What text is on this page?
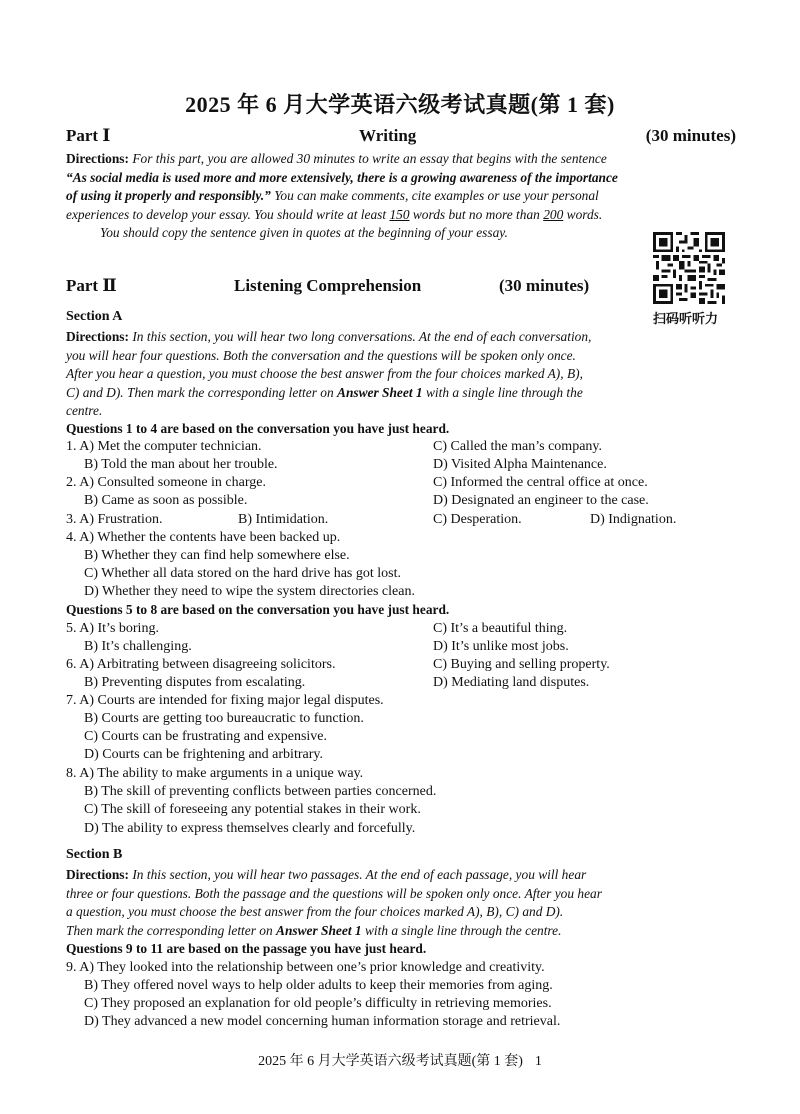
2025 年 6 月大学英语六级考试真题(第 1 套)
Part Ⅰ	Writing	(30 minutes)
Directions: For this part, you are allowed 30 minutes to write an essay that begins with the sentence
“As social media is used more and more extensively, there is a growing awareness of the importance
of using it properly and responsibly.” You can make comments, cite examples or use your personal
experiences to develop your essay. You should write at least 150 words but no more than 200 words.
You should copy the sentence given in quotes at the beginning of your essay.
扫码听听力
Part Ⅱ	Listening Comprehension	(30 minutes)
Section A
Directions: In this section, you will hear two long conversations. At the end of each conversation,
you will hear four questions. Both the conversation and the questions will be spoken only once.
After you hear a question, you must choose the best answer from the four choices marked A), B),
C) and D). Then mark the corresponding letter on Answer Sheet 1 with a single line through the
centre.
Questions 1 to 4 are based on the conversation you have just heard.
1. A) Met the computer technician.	C) Called the man’s company.
B) Told the man about her trouble.	D) Visited Alpha Maintenance.
2. A) Consulted someone in charge.	C) Informed the central office at once.
B) Came as soon as possible.	D) Designated an engineer to the case.
3. A) Frustration.	B) Intimidation.	C) Desperation.	D) Indignation.
4. A) Whether the contents have been backed up.
B) Whether they can find help somewhere else.
C) Whether all data stored on the hard drive has got lost.
D) Whether they need to wipe the system directories clean.
Questions 5 to 8 are based on the conversation you have just heard.
5. A) It’s boring.	C) It’s a beautiful thing.
B) It’s challenging.	D) It’s unlike most jobs.
6. A) Arbitrating between disagreeing solicitors.	C) Buying and selling property.
B) Preventing disputes from escalating.	D) Mediating land disputes.
7. A) Courts are intended for fixing major legal disputes.
B) Courts are getting too bureaucratic to function.
C) Courts can be frustrating and expensive.
D) Courts can be frightening and arbitrary.
8. A) The ability to make arguments in a unique way.
B) The skill of preventing conflicts between parties concerned.
C) The skill of foreseeing any potential stakes in their work.
D) The ability to express themselves clearly and forcefully.
Section B
Directions: In this section, you will hear two passages. At the end of each passage, you will hear
three or four questions. Both the passage and the questions will be spoken only once. After you hear
a question, you must choose the best answer from the four choices marked A), B), C) and D).
Then mark the corresponding letter on Answer Sheet 1 with a single line through the centre.
Questions 9 to 11 are based on the passage you have just heard.
9. A) They looked into the relationship between one’s prior knowledge and creativity.
B) They offered novel ways to help older adults to keep their memories from aging.
C) They proposed an explanation for old people’s difficulty in retrieving memories.
D) They advanced a new model concerning human information storage and retrieval.
2025 年 6 月大学英语六级考试真题(第 1 套) 1
